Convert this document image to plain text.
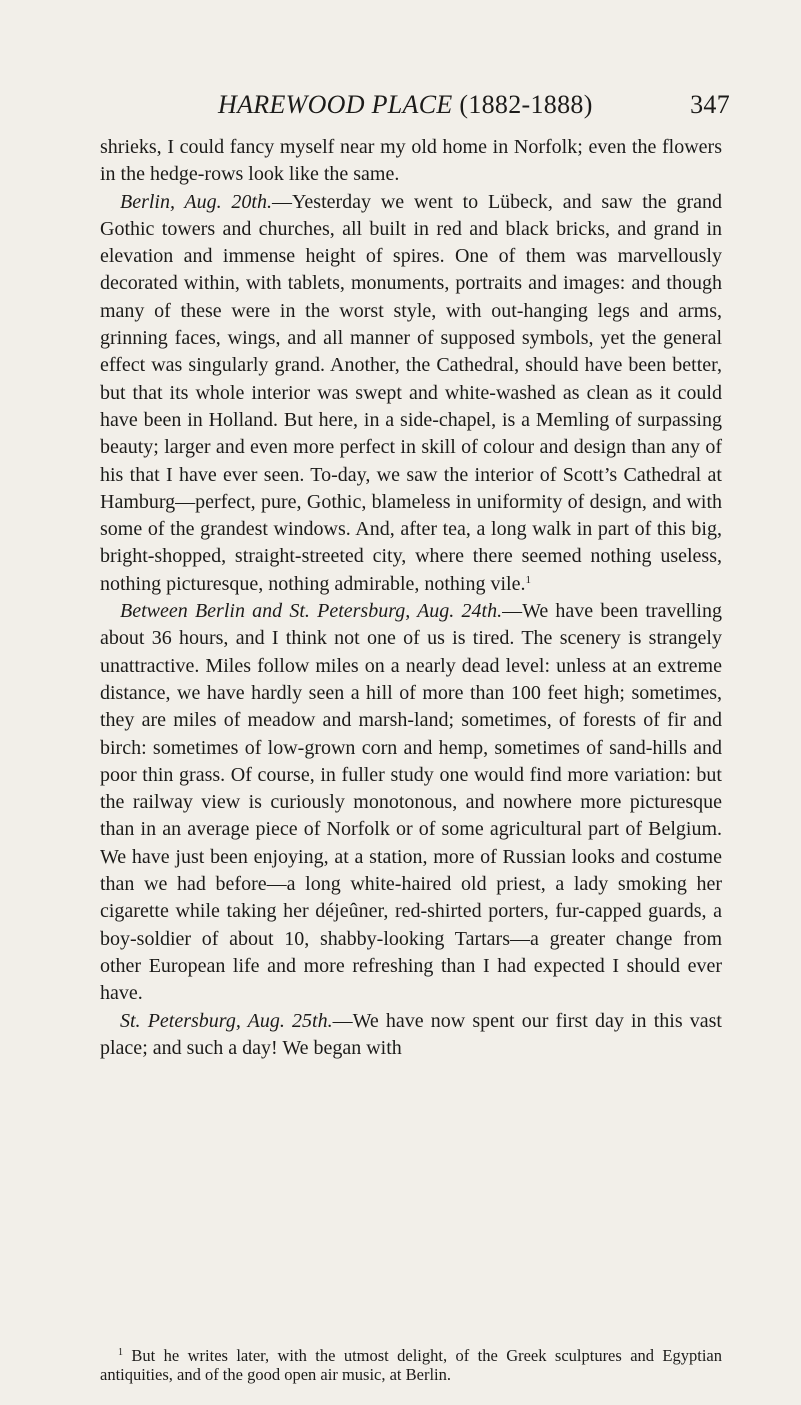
HAREWOOD PLACE (1882-1888)	347

shrieks, I could fancy myself near my old home in Norfolk; even the flowers in the hedge-rows look like the same.

Berlin, Aug. 20th.—Yesterday we went to Lübeck, and saw the grand Gothic towers and churches, all built in red and black bricks, and grand in elevation and immense height of spires. One of them was marvellously decorated within, with tablets, monuments, portraits and images: and though many of these were in the worst style, with out-hanging legs and arms, grinning faces, wings, and all manner of supposed symbols, yet the general effect was singularly grand. Another, the Cathedral, should have been better, but that its whole interior was swept and white-washed as clean as it could have been in Holland. But here, in a side-chapel, is a Memling of surpassing beauty; larger and even more perfect in skill of colour and design than any of his that I have ever seen. To-day, we saw the interior of Scott’s Cathedral at Hamburg—perfect, pure, Gothic, blameless in uniformity of design, and with some of the grandest windows. And, after tea, a long walk in part of this big, bright-shopped, straight-streeted city, where there seemed nothing useless, nothing picturesque, nothing admirable, nothing vile.$^1$

Between Berlin and St. Petersburg, Aug. 24th.—We have been travelling about 36 hours, and I think not one of us is tired. The scenery is strangely unattractive. Miles follow miles on a nearly dead level: unless at an extreme distance, we have hardly seen a hill of more than 100 feet high; sometimes, they are miles of meadow and marsh-land; sometimes, of forests of fir and birch: sometimes of low-grown corn and hemp, sometimes of sand-hills and poor thin grass. Of course, in fuller study one would find more variation: but the railway view is curiously monotonous, and nowhere more picturesque than in an average piece of Norfolk or of some agricultural part of Belgium. We have just been enjoying, at a station, more of Russian looks and costume than we had before—a long white-haired old priest, a lady smoking her cigarette while taking her déjeûner, red-shirted porters, fur-capped guards, a boy-soldier of about 10, shabby-looking Tartars—a greater change from other European life and more refreshing than I had expected I should ever have.

St. Petersburg, Aug. 25th.—We have now spent our first day in this vast place; and such a day! We began with

$^1$ But he writes later, with the utmost delight, of the Greek sculptures and Egyptian antiquities, and of the good open air music, at Berlin.
